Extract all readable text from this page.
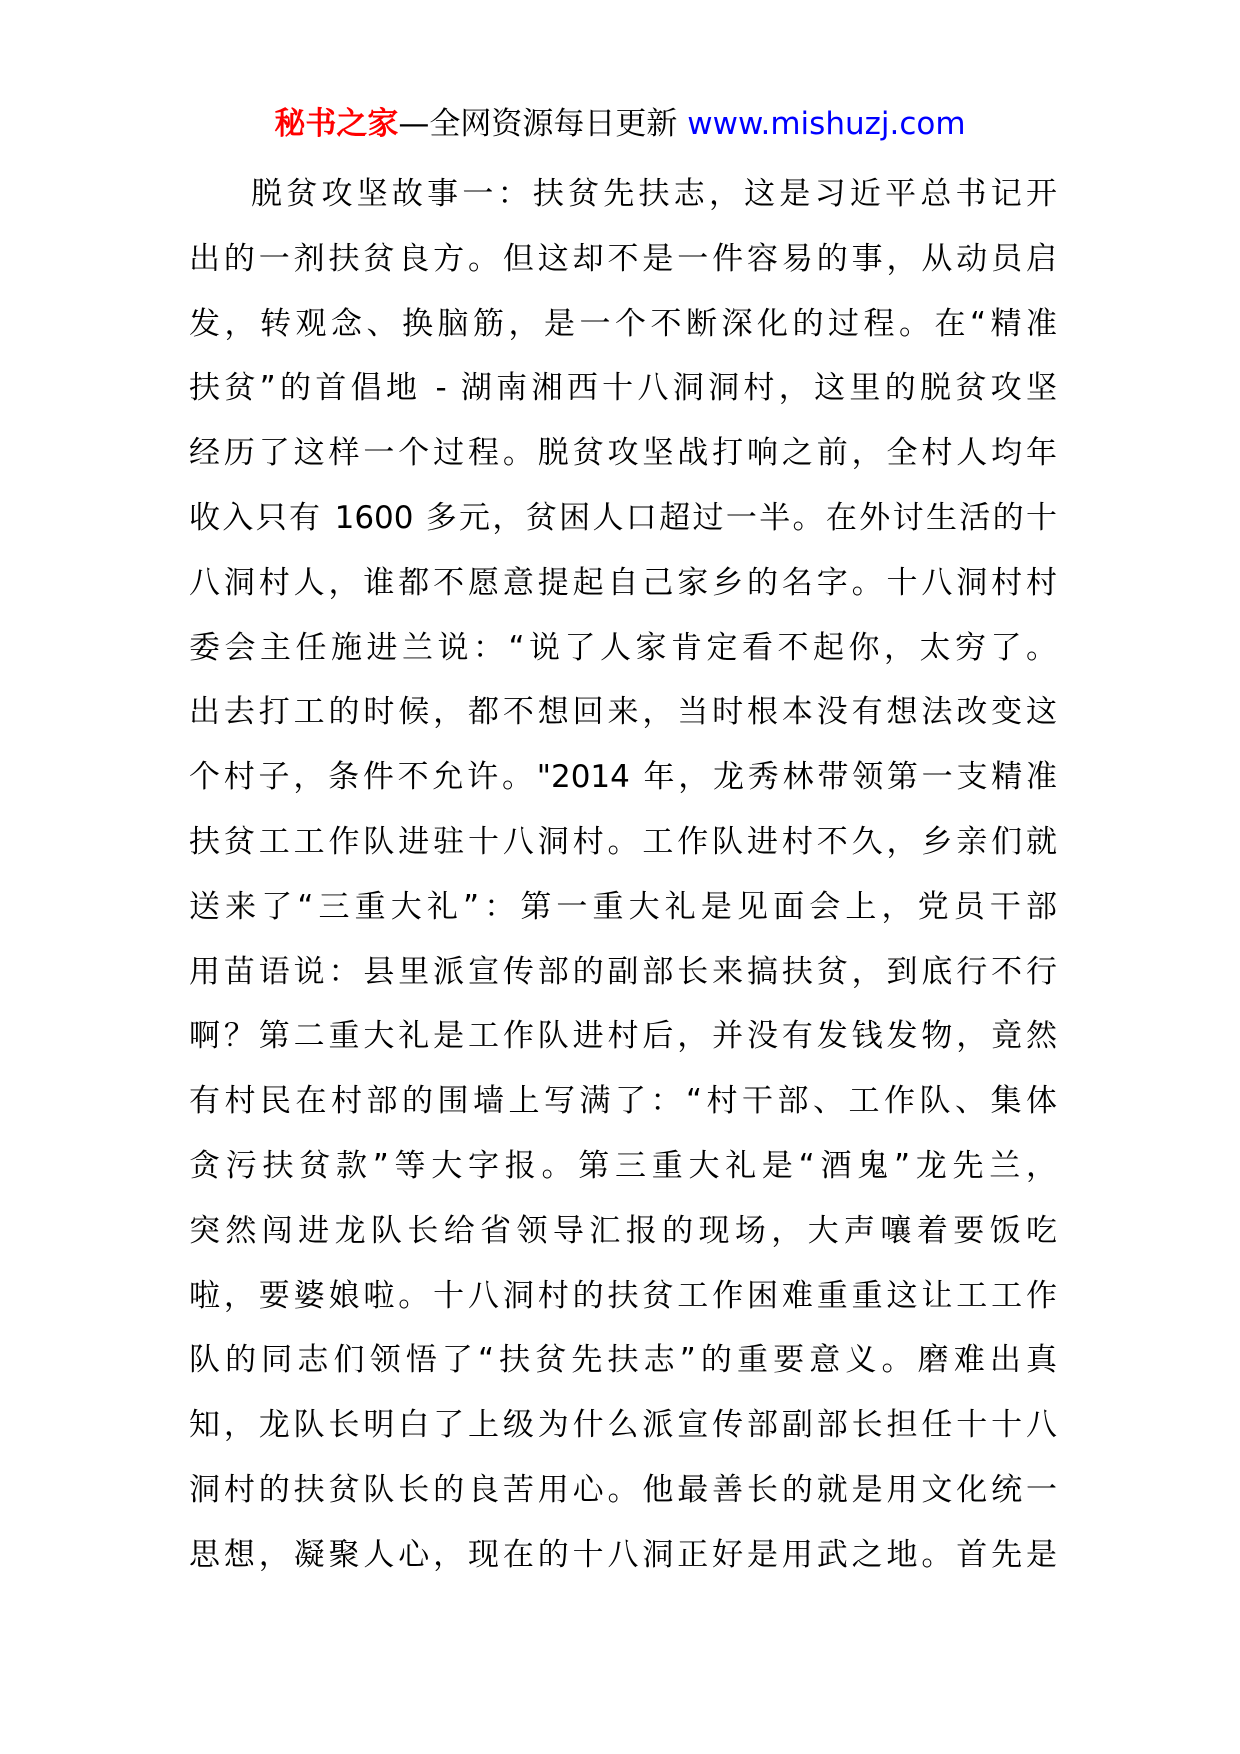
秘书之家—全网资源每日更新 www.mishuzj.com
脱贫攻坚故事一：扶贫先扶志，这是习近平总书记开
出的一剂扶贫良方。但这却不是一件容易的事，从动员启
发，转观念、换脑筋，是一个不断深化的过程。在“精准
扶贫”的首倡地 - 湖南湘西十八洞洞村，这里的脱贫攻坚
经历了这样一个过程。脱贫攻坚战打响之前，全村人均年
收入只有 1600 多元，贫困人口超过一半。在外讨生活的十
八洞村人，谁都不愿意提起自己家乡的名字。十八洞村村
委会主任施进兰说：“说了人家肯定看不起你，太穷了。
出去打工的时候，都不想回来，当时根本没有想法改变这
个村子，条件不允许。"2014 年，龙秀林带领第一支精准
扶贫工工作队进驻十八洞村。工作队进村不久，乡亲们就
送来了“三重大礼”：第一重大礼是见面会上，党员干部
用苗语说：县里派宣传部的副部长来搞扶贫，到底行不行
啊？第二重大礼是工作队进村后，并没有发钱发物，竟然
有村民在村部的围墙上写满了：“村干部、工作队、集体
贪污扶贫款”等大字报。第三重大礼是“酒鬼”龙先兰，
突然闯进龙队长给省领导汇报的现场，大声嚷着要饭吃
啦，要婆娘啦。十八洞村的扶贫工作困难重重这让工工作
队的同志们领悟了“扶贫先扶志”的重要意义。磨难出真
知，龙队长明白了上级为什么派宣传部副部长担任十十八
洞村的扶贫队长的良苦用心。他最善长的就是用文化统一
思想，凝聚人心，现在的十八洞正好是用武之地。首先是
